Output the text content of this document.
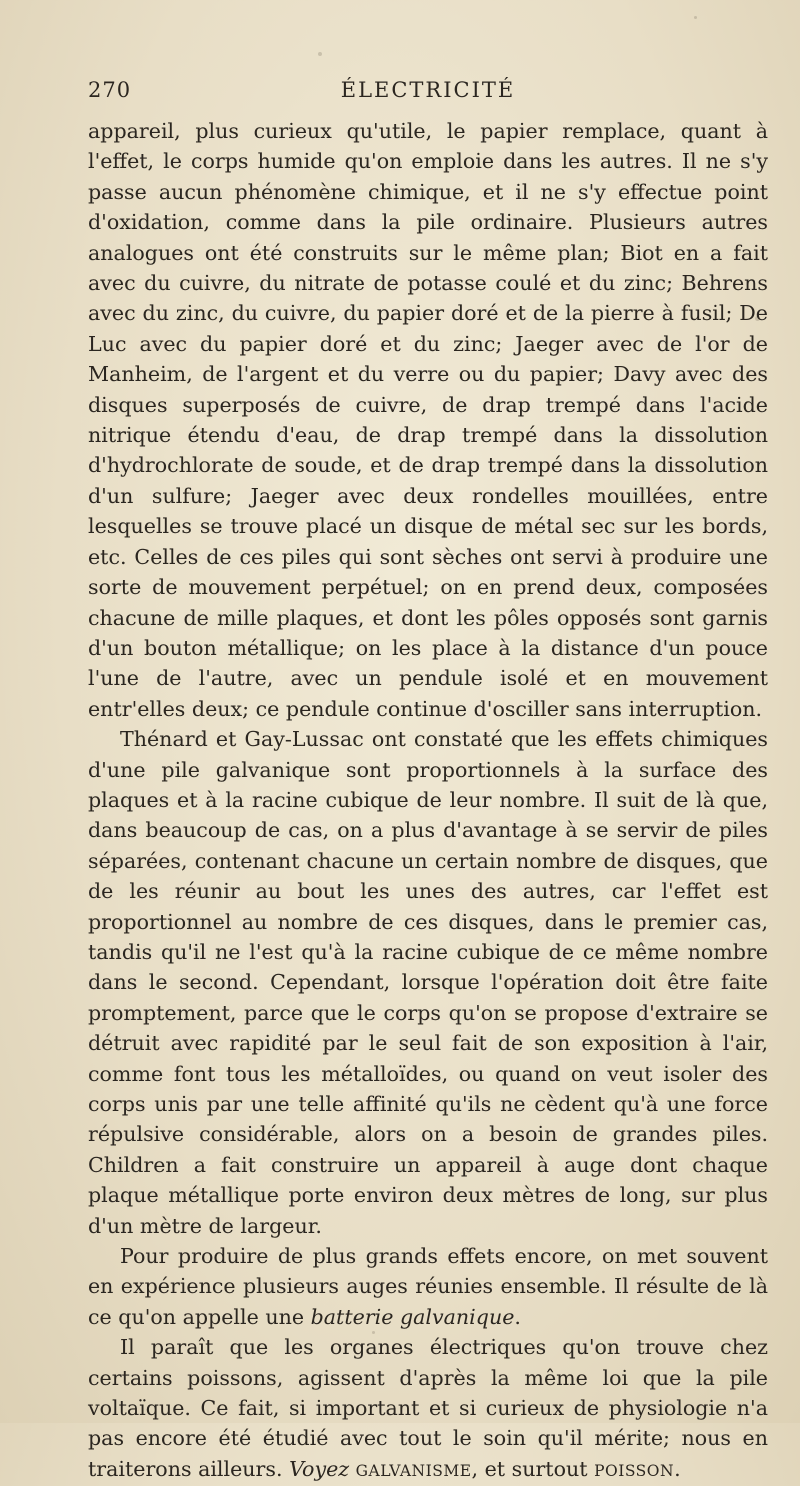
270	ÉLECTRICITÉ

appareil, plus curieux qu'utile, le papier remplace, quant à l'effet, le corps humide qu'on emploie dans les autres. Il ne s'y passe aucun phénomène chimique, et il ne s'y effectue point d'oxidation, comme dans la pile ordinaire. Plusieurs autres analogues ont été construits sur le même plan; Biot en a fait avec du cuivre, du nitrate de potasse coulé et du zinc; Behrens avec du zinc, du cuivre, du papier doré et de la pierre à fusil; De Luc avec du papier doré et du zinc; Jaeger avec de l'or de Manheim, de l'argent et du verre ou du papier; Davy avec des disques superposés de cuivre, de drap trempé dans l'acide nitrique étendu d'eau, de drap trempé dans la dissolution d'hydrochlorate de soude, et de drap trempé dans la dissolution d'un sulfure; Jaeger avec deux rondelles mouillées, entre lesquelles se trouve placé un disque de métal sec sur les bords, etc. Celles de ces piles qui sont sèches ont servi à produire une sorte de mouvement perpétuel; on en prend deux, composées chacune de mille plaques, et dont les pôles opposés sont garnis d'un bouton métallique; on les place à la distance d'un pouce l'une de l'autre, avec un pendule isolé et en mouvement entr'elles deux; ce pendule continue d'osciller sans interruption.

Thénard et Gay-Lussac ont constaté que les effets chimiques d'une pile galvanique sont proportionnels à la surface des plaques et à la racine cubique de leur nombre. Il suit de là que, dans beaucoup de cas, on a plus d'avantage à se servir de piles séparées, contenant chacune un certain nombre de disques, que de les réunir au bout les unes des autres, car l'effet est proportionnel au nombre de ces disques, dans le premier cas, tandis qu'il ne l'est qu'à la racine cubique de ce même nombre dans le second. Cependant, lorsque l'opération doit être faite promptement, parce que le corps qu'on se propose d'extraire se détruit avec rapidité par le seul fait de son exposition à l'air, comme font tous les métalloïdes, ou quand on veut isoler des corps unis par une telle affinité qu'ils ne cèdent qu'à une force répulsive considérable, alors on a besoin de grandes piles. Children a fait construire un appareil à auge dont chaque plaque métallique porte environ deux mètres de long, sur plus d'un mètre de largeur.

Pour produire de plus grands effets encore, on met souvent en expérience plusieurs auges réunies ensemble. Il résulte de là ce qu'on appelle une batterie galvanique.

Il paraît que les organes électriques qu'on trouve chez certains poissons, agissent d'après la même loi que la pile voltaïque. Ce fait, si important et si curieux de physiologie n'a pas encore été étudié avec tout le soin qu'il mérite; nous en traiterons ailleurs. Voyez GALVANISME, et surtout POISSON.
